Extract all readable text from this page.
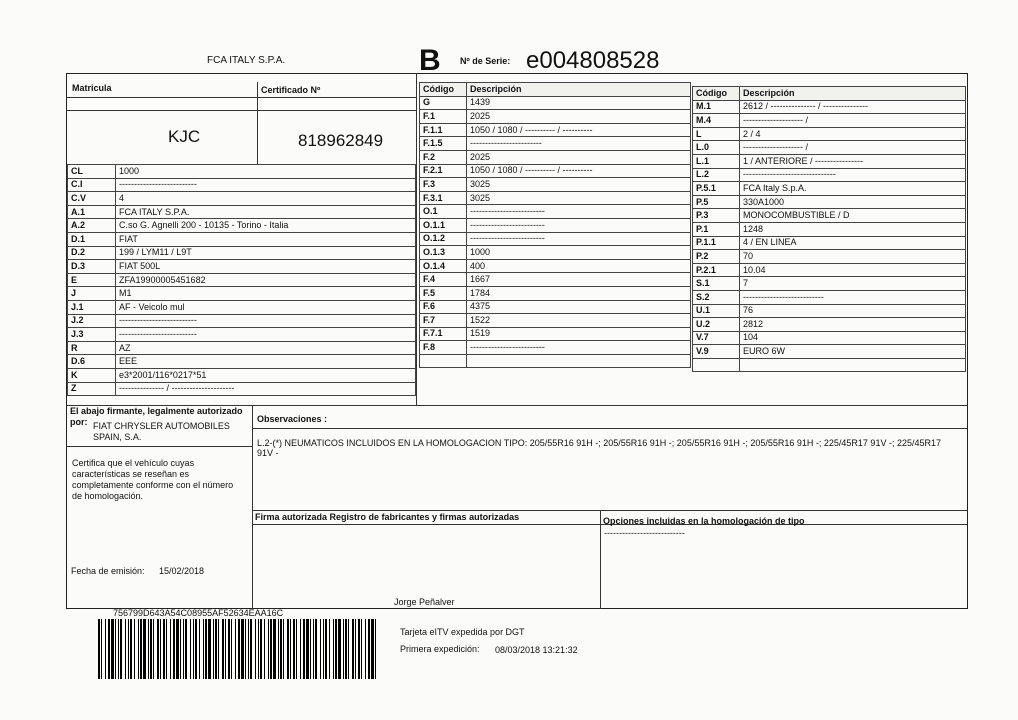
FCA ITALY S.P.A.	B Nº de Serie: e004808528
Matricula	Certificado Nº
KJC	818962849
CL	1000
C.I	--------------------------
C.V	4
A.1	FCA ITALY S.P.A.
A.2	C.so G. Agnelli 200 - 10135 - Torino - Italia
D.1	FIAT
D.2	199 / LYM11 / L9T
D.3	FIAT 500L
E	ZFA19900005451682
J	M1
J.1	AF - Veicolo mul
J.2	--------------------------
J.3	--------------------------
R	AZ
D.6	EEE
K	e3*2001/116*0217*51
Z	--------------- / ---------------------
Código	Descripción
G	1439
F.1	2025
F.1.1	1050 / 1080 / ---------- / ----------
F.1.5	------------------------
F.2	2025
F.2.1	1050 / 1080 / ---------- / ----------
F.3	3025
F.3.1	3025
O.1	-------------------------
O.1.1	-------------------------
O.1.2	-------------------------
O.1.3	1000
O.1.4	400
F.4	1667
F.5	1784
F.6	4375
F.7	1522
F.7.1	1519
F.8	-------------------------

Código	Descripción
M.1	2612 / --------------- / ---------------
M.4	-------------------- /
L	2 / 4
L.0	-------------------- /
L.1	1 / ANTERIORE / ----------------
L.2	-------------------------------
P.5.1	FCA Italy S.p.A.
P.5	330A1000
P.3	MONOCOMBUSTIBLE / D
P.1	1248
P.1.1	4 / EN LINEA
P.2	70
P.2.1	10.04
S.1	7
S.2	---------------------------
U.1	76
U.2	2812
V.7	104
V.9	EURO 6W

El abajo firmante, legalmente autorizado por: FIAT CHRYSLER AUTOMOBILES
SPAIN, S.A.
Certifica que el vehículo cuyas características se reseñan es completamente conforme con el número de homologación.
Fecha de emisión: 15/02/2018
Observaciones :
L.2-(*) NEUMATICOS INCLUIDOS EN LA HOMOLOGACION TIPO: 205/55R16 91H -; 205/55R16 91H -; 205/55R16 91H -; 205/55R16 91H -; 225/45R17 91V -; 225/45R17
91V -
Firma autorizada Registro de fabricantes y firmas autorizadas
Jorge Peñalver
Opciones incluidas en la homologación de tipo
---------------------------
756799D643A54C08955AF52634EAA16C
Tarjeta eITV expedida por DGT
Primera expedición: 08/03/2018 13:21:32
